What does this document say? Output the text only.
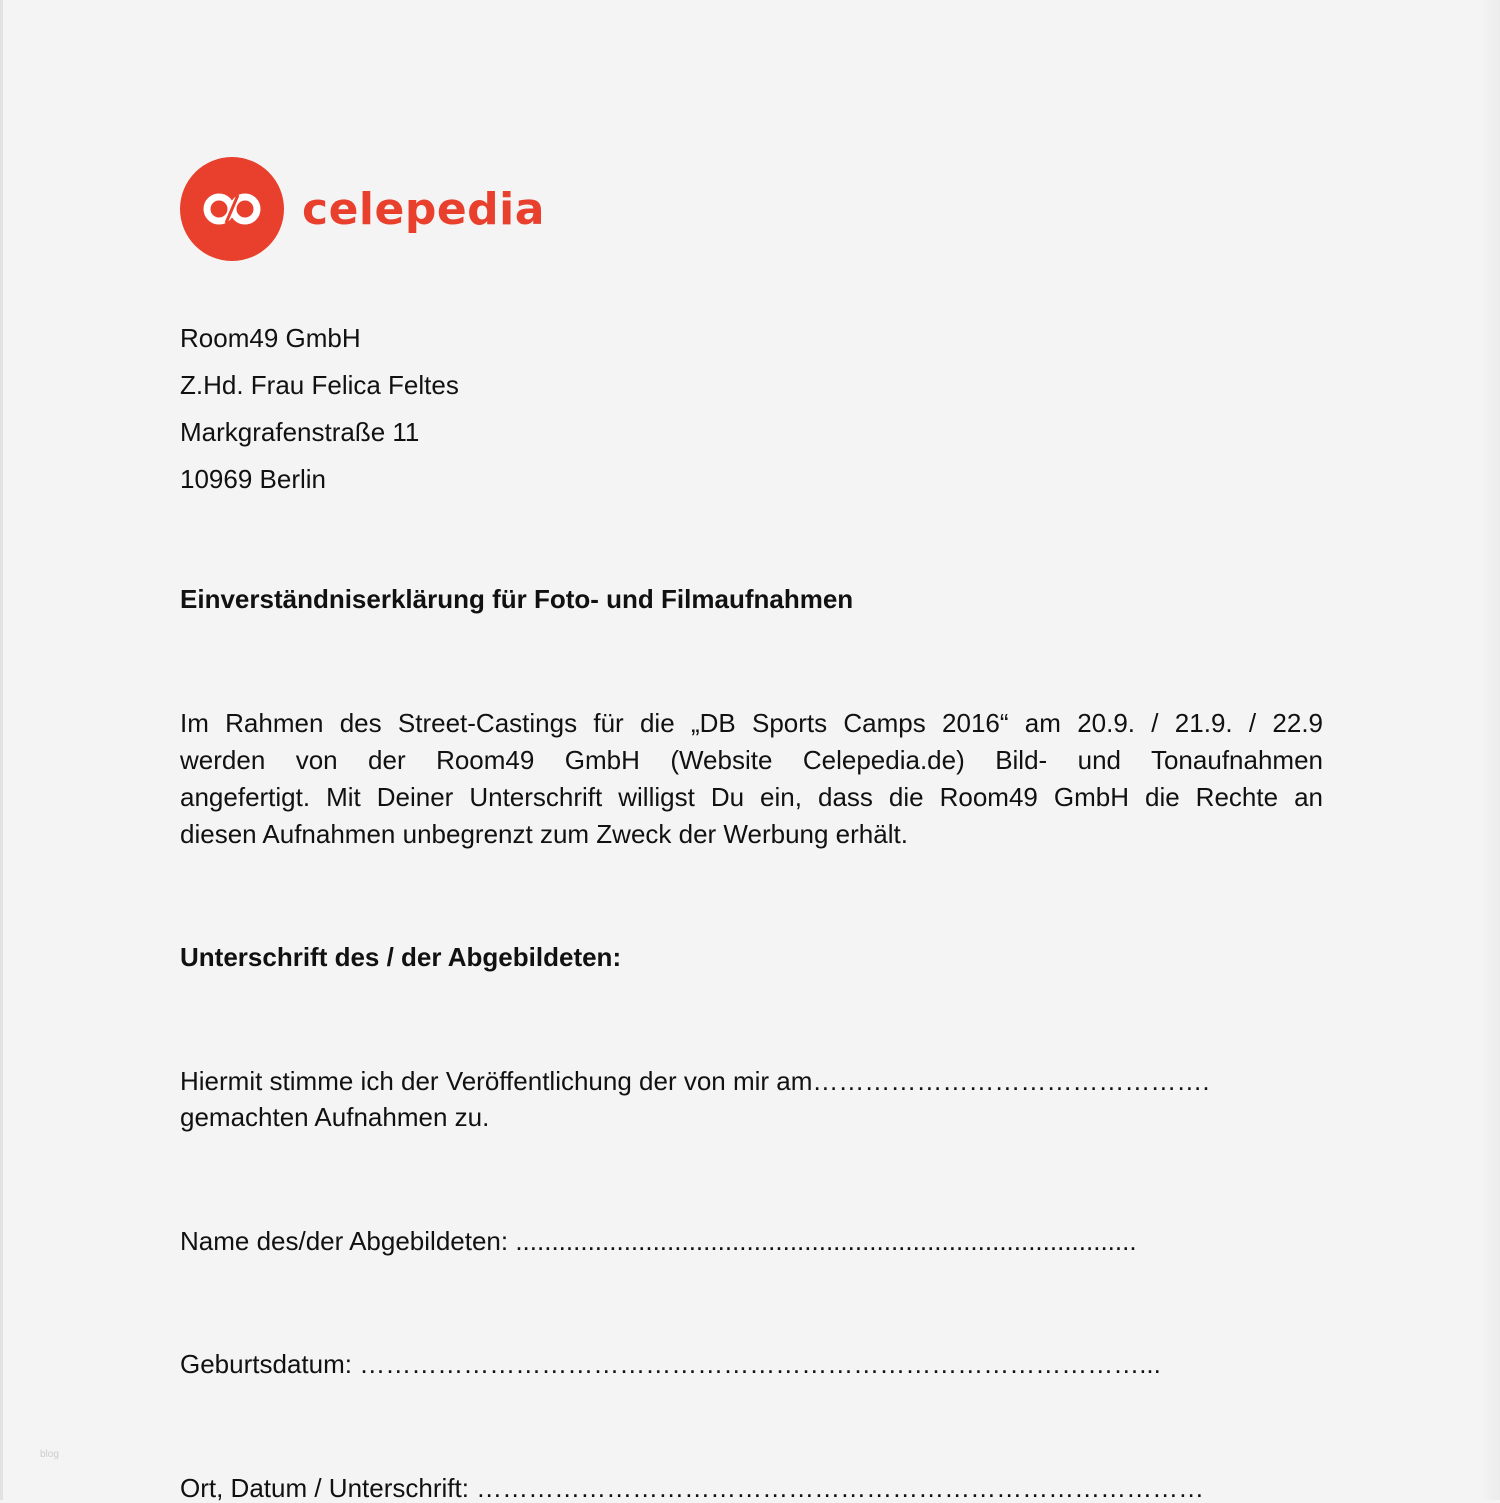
celepedia
Room49 GmbH
Z.Hd. Frau Felica Feltes
Markgrafenstraße 11
10969 Berlin
Einverständniserklärung für Foto- und Filmaufnahmen
Im Rahmen des Street-Castings für die „DB Sports Camps 2016“ am 20.9. / 21.9. / 22.9
werden von der Room49 GmbH (Website Celepedia.de) Bild- und Tonaufnahmen
angefertigt. Mit Deiner Unterschrift willigst Du ein, dass die Room49 GmbH die Rechte an
diesen Aufnahmen unbegrenzt zum Zweck der Werbung erhält.
Unterschrift des / der Abgebildeten:
Hiermit stimme ich der Veröffentlichung der von mir am……………………………………….
gemachten Aufnahmen zu.
Name des/der Abgebildeten: ......................................................................................
Geburtsdatum: ………………………………………………………………………………...
Ort, Datum / Unterschrift: …………………………………………………………………………
blog
